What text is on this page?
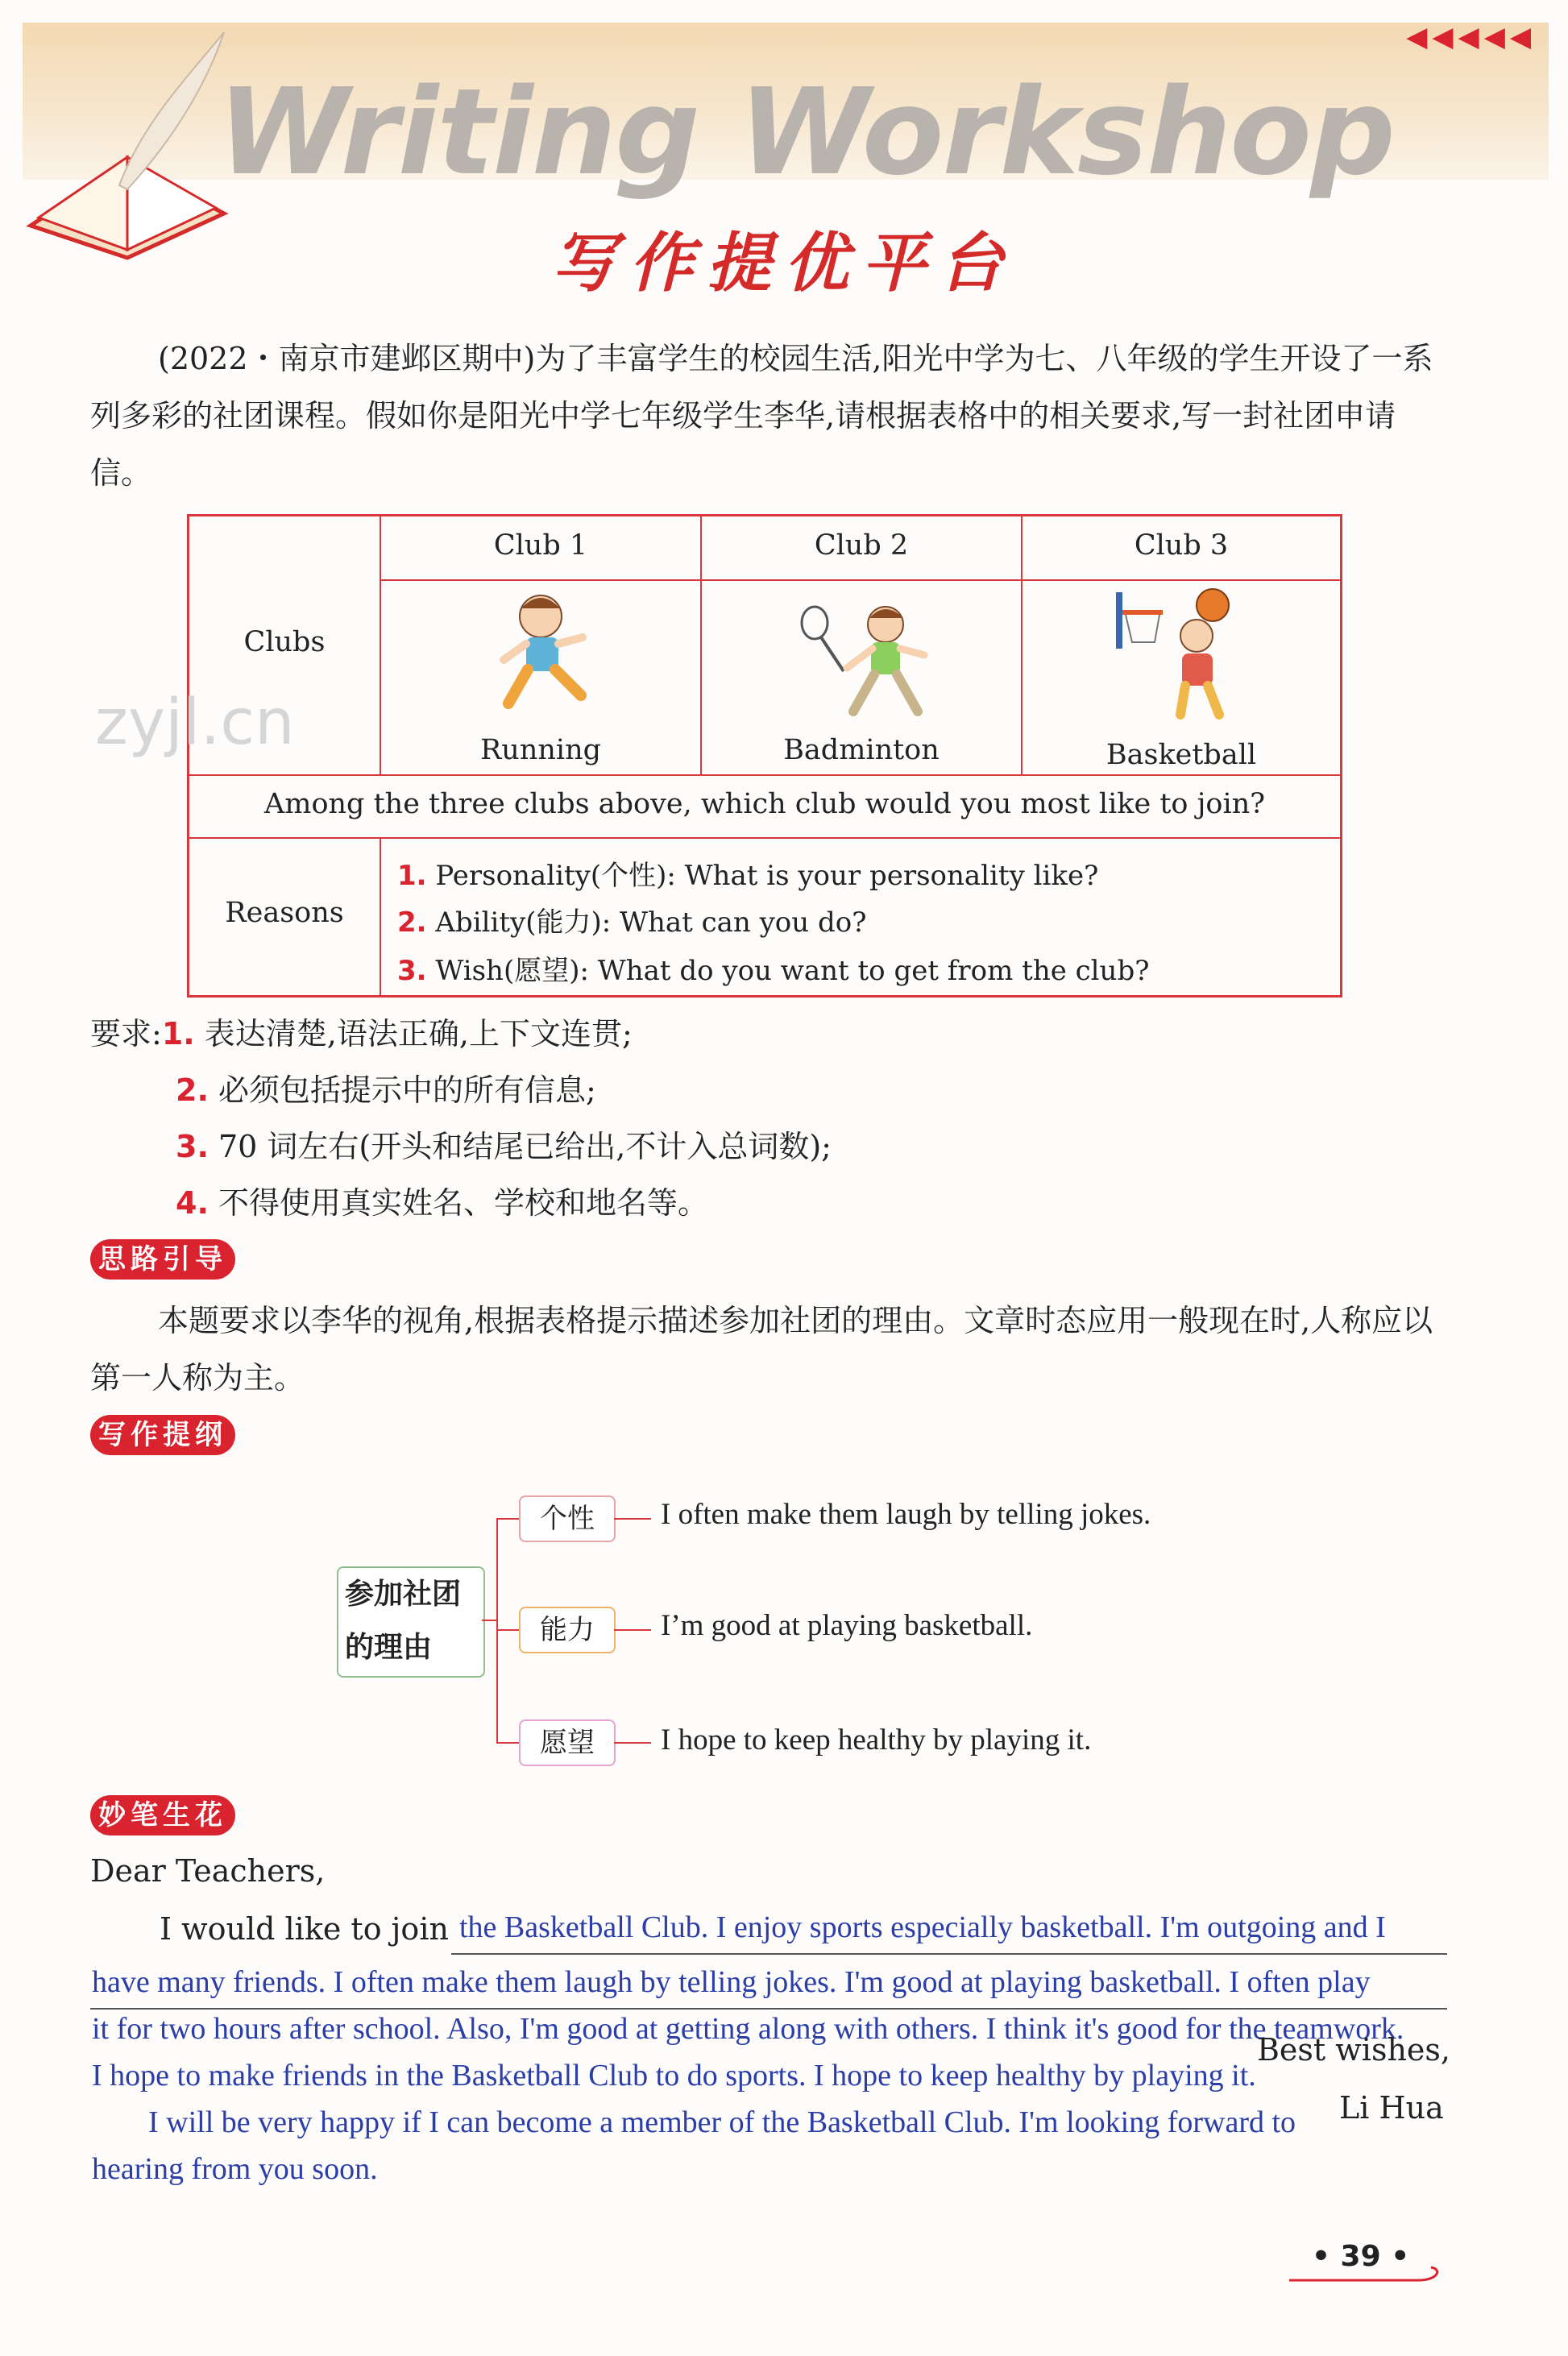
Writing Workshop
◀◀◀◀◀
写作提优平台
(2022・南京市建邺区期中)为了丰富学生的校园生活,阳光中学为七、八年级的学生开设了一系列多彩的社团课程。假如你是阳光中学七年级学生李华,请根据表格中的相关要求,写一封社团申请信。
Clubs
Club 1	Club 2	Club 3
Running	Badminton	Basketball
Among the three clubs above, which club would you most like to join?
Reasons
1. Personality(个性): What is your personality like?
2. Ability(能力): What can you do?
3. Wish(愿望): What do you want to get from the club?
zyjl.cn
要求:1. 表达清楚,语法正确,上下文连贯;
2. 必须包括提示中的所有信息;
3. 70 词左右(开头和结尾已给出,不计入总词数);
4. 不得使用真实姓名、学校和地名等。
思路引导
本题要求以李华的视角,根据表格提示描述参加社团的理由。文章时态应用一般现在时,人称应以第一人称为主。
写作提纲
参加社团
的理由
个性
能力
愿望
I often make them laugh by telling jokes.
I’m good at playing basketball.
I hope to keep healthy by playing it.
妙笔生花
Dear Teachers,
I would like to join the Basketball Club. I enjoy sports especially basketball. I'm outgoing and I
have many friends. I often make them laugh by telling jokes. I'm good at playing basketball. I often play
it for two hours after school. Also, I'm good at getting along with others. I think it's good for the teamwork.
I hope to make friends in the Basketball Club to do sports. I hope to keep healthy by playing it.
I will be very happy if I can become a member of the Basketball Club. I'm looking forward to
hearing from you soon.
Best wishes,
Li Hua
• 39 •
